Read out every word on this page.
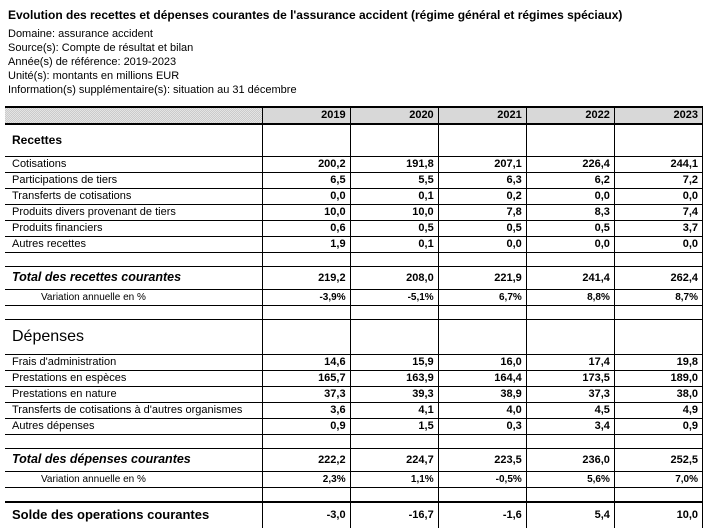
Evolution des recettes et dépenses courantes de l'assurance accident (régime général et régimes spéciaux)
Domaine: assurance accident
Source(s): Compte de résultat et bilan
Année(s) de référence: 2019-2023
Unité(s): montants en millions EUR
Information(s) supplémentaire(s): situation au 31 décembre
	2019	2020	2021	2022	2023
Recettes					
Cotisations	200,2	191,8	207,1	226,4	244,1
Participations de tiers	6,5	5,5	6,3	6,2	7,2
Transferts de cotisations	0,0	0,1	0,2	0,0	0,0
Produits divers provenant de tiers	10,0	10,0	7,8	8,3	7,4
Produits financiers	0,6	0,5	0,5	0,5	3,7
Autres recettes	1,9	0,1	0,0	0,0	0,0

Total des recettes courantes	219,2	208,0	221,9	241,4	262,4
Variation annuelle en %	-3,9%	-5,1%	6,7%	8,8%	8,7%

Dépenses					
Frais d'administration	14,6	15,9	16,0	17,4	19,8
Prestations en espèces	165,7	163,9	164,4	173,5	189,0
Prestations en nature	37,3	39,3	38,9	37,3	38,0
Transferts de cotisations à d'autres organismes	3,6	4,1	4,0	4,5	4,9
Autres dépenses	0,9	1,5	0,3	3,4	0,9

Total des dépenses courantes	222,2	224,7	223,5	236,0	252,5
Variation annuelle en %	2,3%	1,1%	-0,5%	5,6%	7,0%

Solde des operations courantes	-3,0	-16,7	-1,6	5,4	10,0
